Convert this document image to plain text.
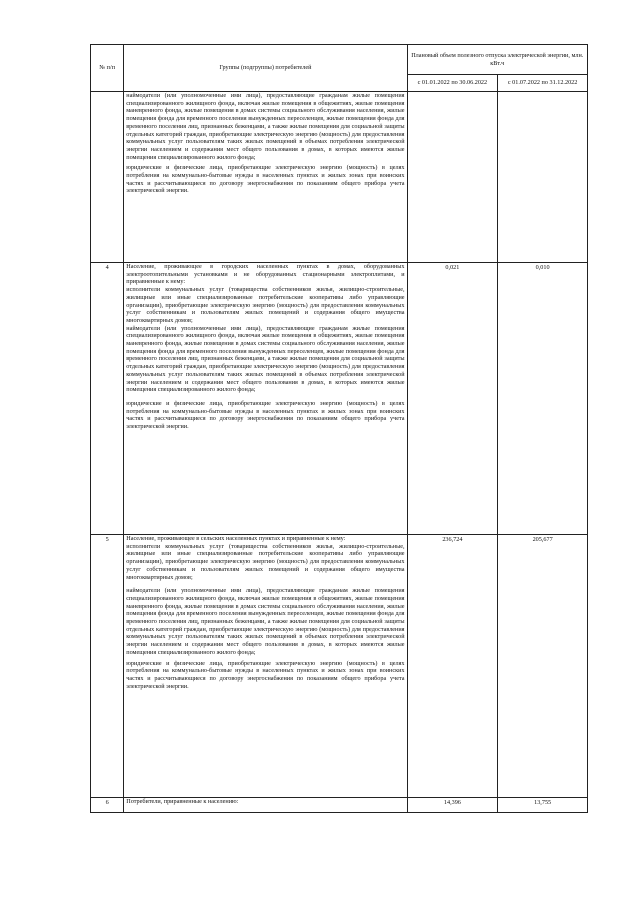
№ п/п	Группы (подгруппы) потребителей	Плановый объем полезного отпуска электрической энергии, млн. кВт.ч	
		с 01.01.2022 по 30.06.2022	с 01.07.2022 по 31.12.2022

	наймодатели (или уполномоченные ими лица), предоставляющие гражданам жилые помещения специализированного жилищного фонда, включая жилые помещения в общежитиях, жилые помещения маневренного фонда, жилые помещения в домах системы социального обслуживания населения, жилые помещения фонда для временного поселения вынужденных переселенцев, жилые помещения фонда для временного поселения лиц, признанных беженцами, а также жилые помещения для социальной защиты отдельных категорий граждан, приобретающие электрическую энергию (мощность) для предоставления коммунальных услуг пользователям таких жилых помещений в объемах потребления электрической энергии населением и содержания мест общего пользования в домах, в которых имеются жилые помещения специализированного жилого фонда;
юридические и физические лица, приобретающие электрическую энергию (мощность) в целях потребления на коммунально-бытовые нужды в населенных пунктах и жилых зонах при воинских частях и рассчитывающиеся по договору энергоснабжения по показаниям общего прибора учета электрической энергии.		

4	Население, проживающее в городских населенных пунктах в домах, оборудованных электроотопительными установками и не оборудованных стационарными электроплитами, и приравненные к нему:
исполнители коммунальных услуг (товарищества собственников жилья, жилищно-строительные, жилищные или иные специализированные потребительские кооперативы либо управляющие организации), приобретающие электрическую энергию (мощность) для предоставления коммунальных услуг собственникам и пользователям жилых помещений и содержания общего имущества многоквартирных домов;
наймодатели (или уполномоченные ими лица), предоставляющие гражданам жилые помещения специализированного жилищного фонда, включая жилые помещения в общежитиях, жилые помещения маневренного фонда, жилые помещения в домах системы социального обслуживания населения, жилые помещения фонда для временного поселения вынужденных переселенцев, жилые помещения фонда для временного поселения лиц, признанных беженцами, а также жилые помещения для социальной защиты отдельных категорий граждан, приобретающие электрическую энергию (мощность) для предоставления коммунальных услуг пользователям таких жилых помещений в объемах потребления электрической энергии населением и содержания мест общего пользования в домах, в которых имеются жилые помещения специализированного жилого фонда;
юридические и физические лица, приобретающие электрическую энергию (мощность) в целях потребления на коммунально-бытовые нужды в населенных пунктах и жилых зонах при воинских частях и рассчитывающиеся по договору энергоснабжения по показаниям общего прибора учета электрической энергии.	0,021	0,010
5	Население, проживающее в сельских населенных пунктах и приравненные к нему:
исполнители коммунальных услуг (товарищества собственников жилья, жилищно-строительные, жилищные или иные специализированные потребительские кооперативы либо управляющие организации), приобретающие электрическую энергию (мощность) для предоставления коммунальных услуг собственникам и пользователям жилых помещений и содержания общего имущества многоквартирных домов;
наймодатели (или уполномоченные ими лица), предоставляющие гражданам жилые помещения специализированного жилищного фонда, включая жилые помещения в общежитиях, жилые помещения маневренного фонда, жилые помещения в домах системы социального обслуживания населения, жилые помещения фонда для временного поселения вынужденных переселенцев, жилые помещения фонда для временного поселения лиц, признанных беженцами, а также жилые помещения для социальной защиты отдельных категорий граждан, приобретающие электрическую энергию (мощность) для предоставления коммунальных услуг пользователям таких жилых помещений в объемах потребления электрической энергии населением и содержания мест общего пользования в домах, в которых имеются жилые помещения специализированного жилого фонда;
юридические и физические лица, приобретающие электрическую энергию (мощность) в целях потребления на коммунально-бытовые нужды в населенных пунктах и жилых зонах при воинских частях и рассчитывающиеся по договору энергоснабжения по показаниям общего прибора учета электрической энергии.	236,724	205,677
6	Потребители, приравненные к населению:	14,396	13,755
